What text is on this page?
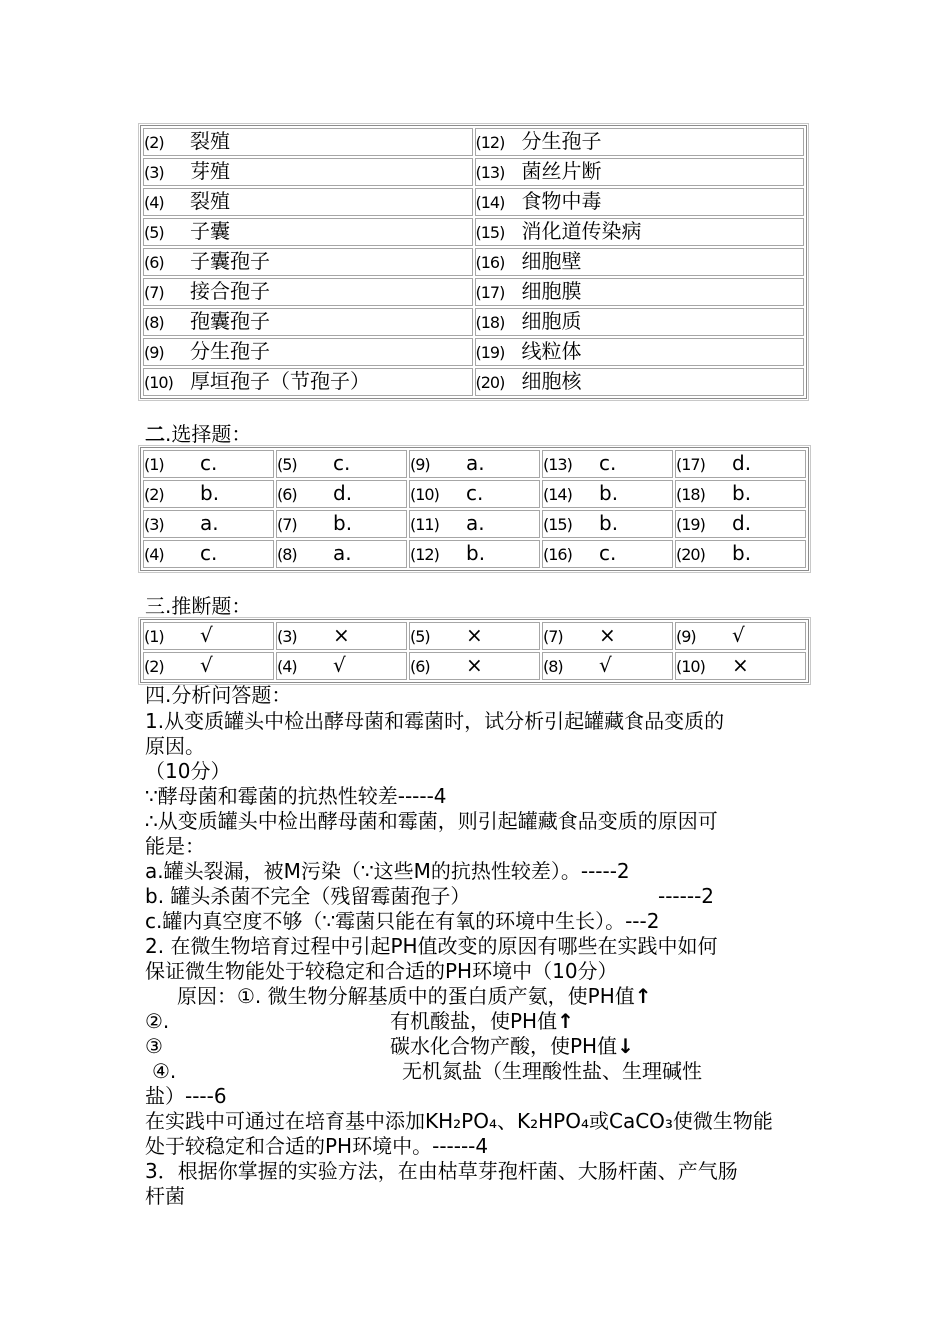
(2) 裂殖	(12) 分生孢子
(3) 芽殖	(13) 菌丝片断
(4) 裂殖	(14) 食物中毒
(5) 子囊	(15) 消化道传染病
(6) 子囊孢子	(16) 细胞壁
(7) 接合孢子	(17) 细胞膜
(8) 孢囊孢子	(18) 细胞质
(9) 分生孢子	(19) 线粒体
(10) 厚垣孢子（节孢子）	(20) 细胞核
二.选择题：
(1) c.	(5) c.	(9) a.	(13) c.	(17) d.
(2) b.	(6) d.	(10) c.	(14) b.	(18) b.
(3) a.	(7) b.	(11) a.	(15) b.	(19) d.
(4) c.	(8) a.	(12) b.	(16) c.	(20) b.
三.推断题：
(1) √	(3) ×	(5) ×	(7) ×	(9) √
(2) √	(4) √	(6) ×	(8) √	(10) ×
四.分析问答题：
1.从变质罐头中检出酵母菌和霉菌时，试分析引起罐藏食品变质的
原因。
（10分）
∵酵母菌和霉菌的抗热性较差-----4
∴从变质罐头中检出酵母菌和霉菌，则引起罐藏食品变质的原因可
能是：
a.罐头裂漏，被M污染（∵这些M的抗热性较差）。-----2
b. 罐头杀菌不完全（残留霉菌孢子）	------2
c.罐内真空度不够（∵霉菌只能在有氧的环境中生长）。---2
2. 在微生物培育过程中引起PH值改变的原因有哪些在实践中如何
保证微生物能处于较稳定和合适的PH环境中（10分）
原因：①. 微生物分解基质中的蛋白质产氨，使PH值↑
②.	有机酸盐，使PH值↑
③	碳水化合物产酸，使PH值↓
④.	无机氮盐（生理酸性盐、生理碱性
盐）----6
在实践中可通过在培育基中添加KH₂PO₄、K₂HPO₄或CaCO₃使微生物能
处于较稳定和合适的PH环境中。------4
3．根据你掌握的实验方法，在由枯草芽孢杆菌、大肠杆菌、产气肠
杆菌
